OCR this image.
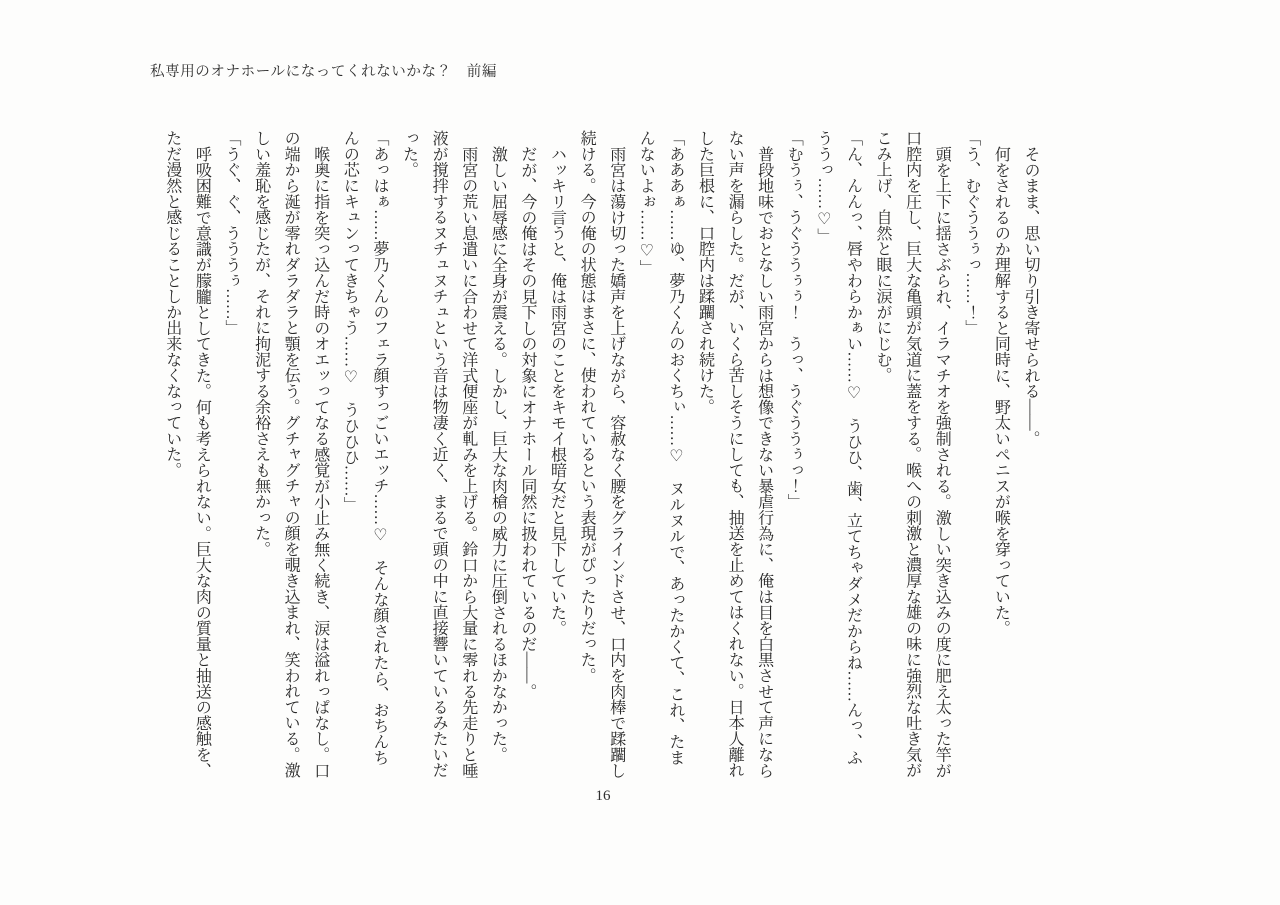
私専用のオナホールになってくれないかな？　前編

そのまま、思い切り引き寄せられる――。

何をされるのか理解すると同時に、野太いペニスが喉を穿っていた。

「う、むぐううぅっ……！」

頭を上下に揺さぶられ、イラマチオを強制される。激しい突き込みの度に肥え太った竿が口腔内を圧し、巨大な亀頭が気道に蓋をする。喉への刺激と濃厚な雄の味に強烈な吐き気がこみ上げ、自然と眼に涙がにじむ。

「ん、んんっ、唇やわらかぁい……♡　うひひ、歯、立てちゃダメだからね……んっ、ふううっ……♡」

「むうぅ、うぐううぅぅ！　うっ、うぐううぅっ！」

普段地味でおとなしい雨宮からは想像できない暴虐行為に、俺は目を白黒させて声にならない声を漏らした。だが、いくら苦しそうにしても、抽送を止めてはくれない。日本人離れした巨根に、口腔内は蹂躙され続けた。

「あああぁ……ゆ、夢乃くんのおくちぃ……♡　ヌルヌルで、あったかくて、これ、たまんないよぉ……♡」

雨宮は蕩け切った嬌声を上げながら、容赦なく腰をグラインドさせ、口内を肉棒で蹂躙し続ける。今の俺の状態はまさに、使われているという表現がぴったりだった。

ハッキリ言うと、俺は雨宮のことをキモイ根暗女だと見下していた。

だが、今の俺はその見下しの対象にオナホール同然に扱われているのだ――。

激しい屈辱感に全身が震える。しかし、巨大な肉槍の威力に圧倒されるほかなかった。

雨宮の荒い息遣いに合わせて洋式便座が軋みを上げる。鈴口から大量に零れる先走りと唾液が撹拌するヌチュヌチュという音は物凄く近く、まるで頭の中に直接響いているみたいだった。

「あっはぁ……夢乃くんのフェラ顔すっごいエッチ……♡　そんな顔されたら、おちんちんの芯にキュンってきちゃう……♡　うひひひ……」

喉奥に指を突っ込んだ時のオエッってなる感覚が小止み無く続き、涙は溢れっぱなし。口の端から涎が零れダラダラと顎を伝う。グチャグチャの顔を覗き込まれ、笑われている。激しい羞恥を感じたが、それに拘泥する余裕さえも無かった。

「うぐ、ぐ、うううぅ……」

呼吸困難で意識が朦朧としてきた。何も考えられない。巨大な肉の質量と抽送の感触を、ただ漫然と感じることしか出来なくなっていた。

16
